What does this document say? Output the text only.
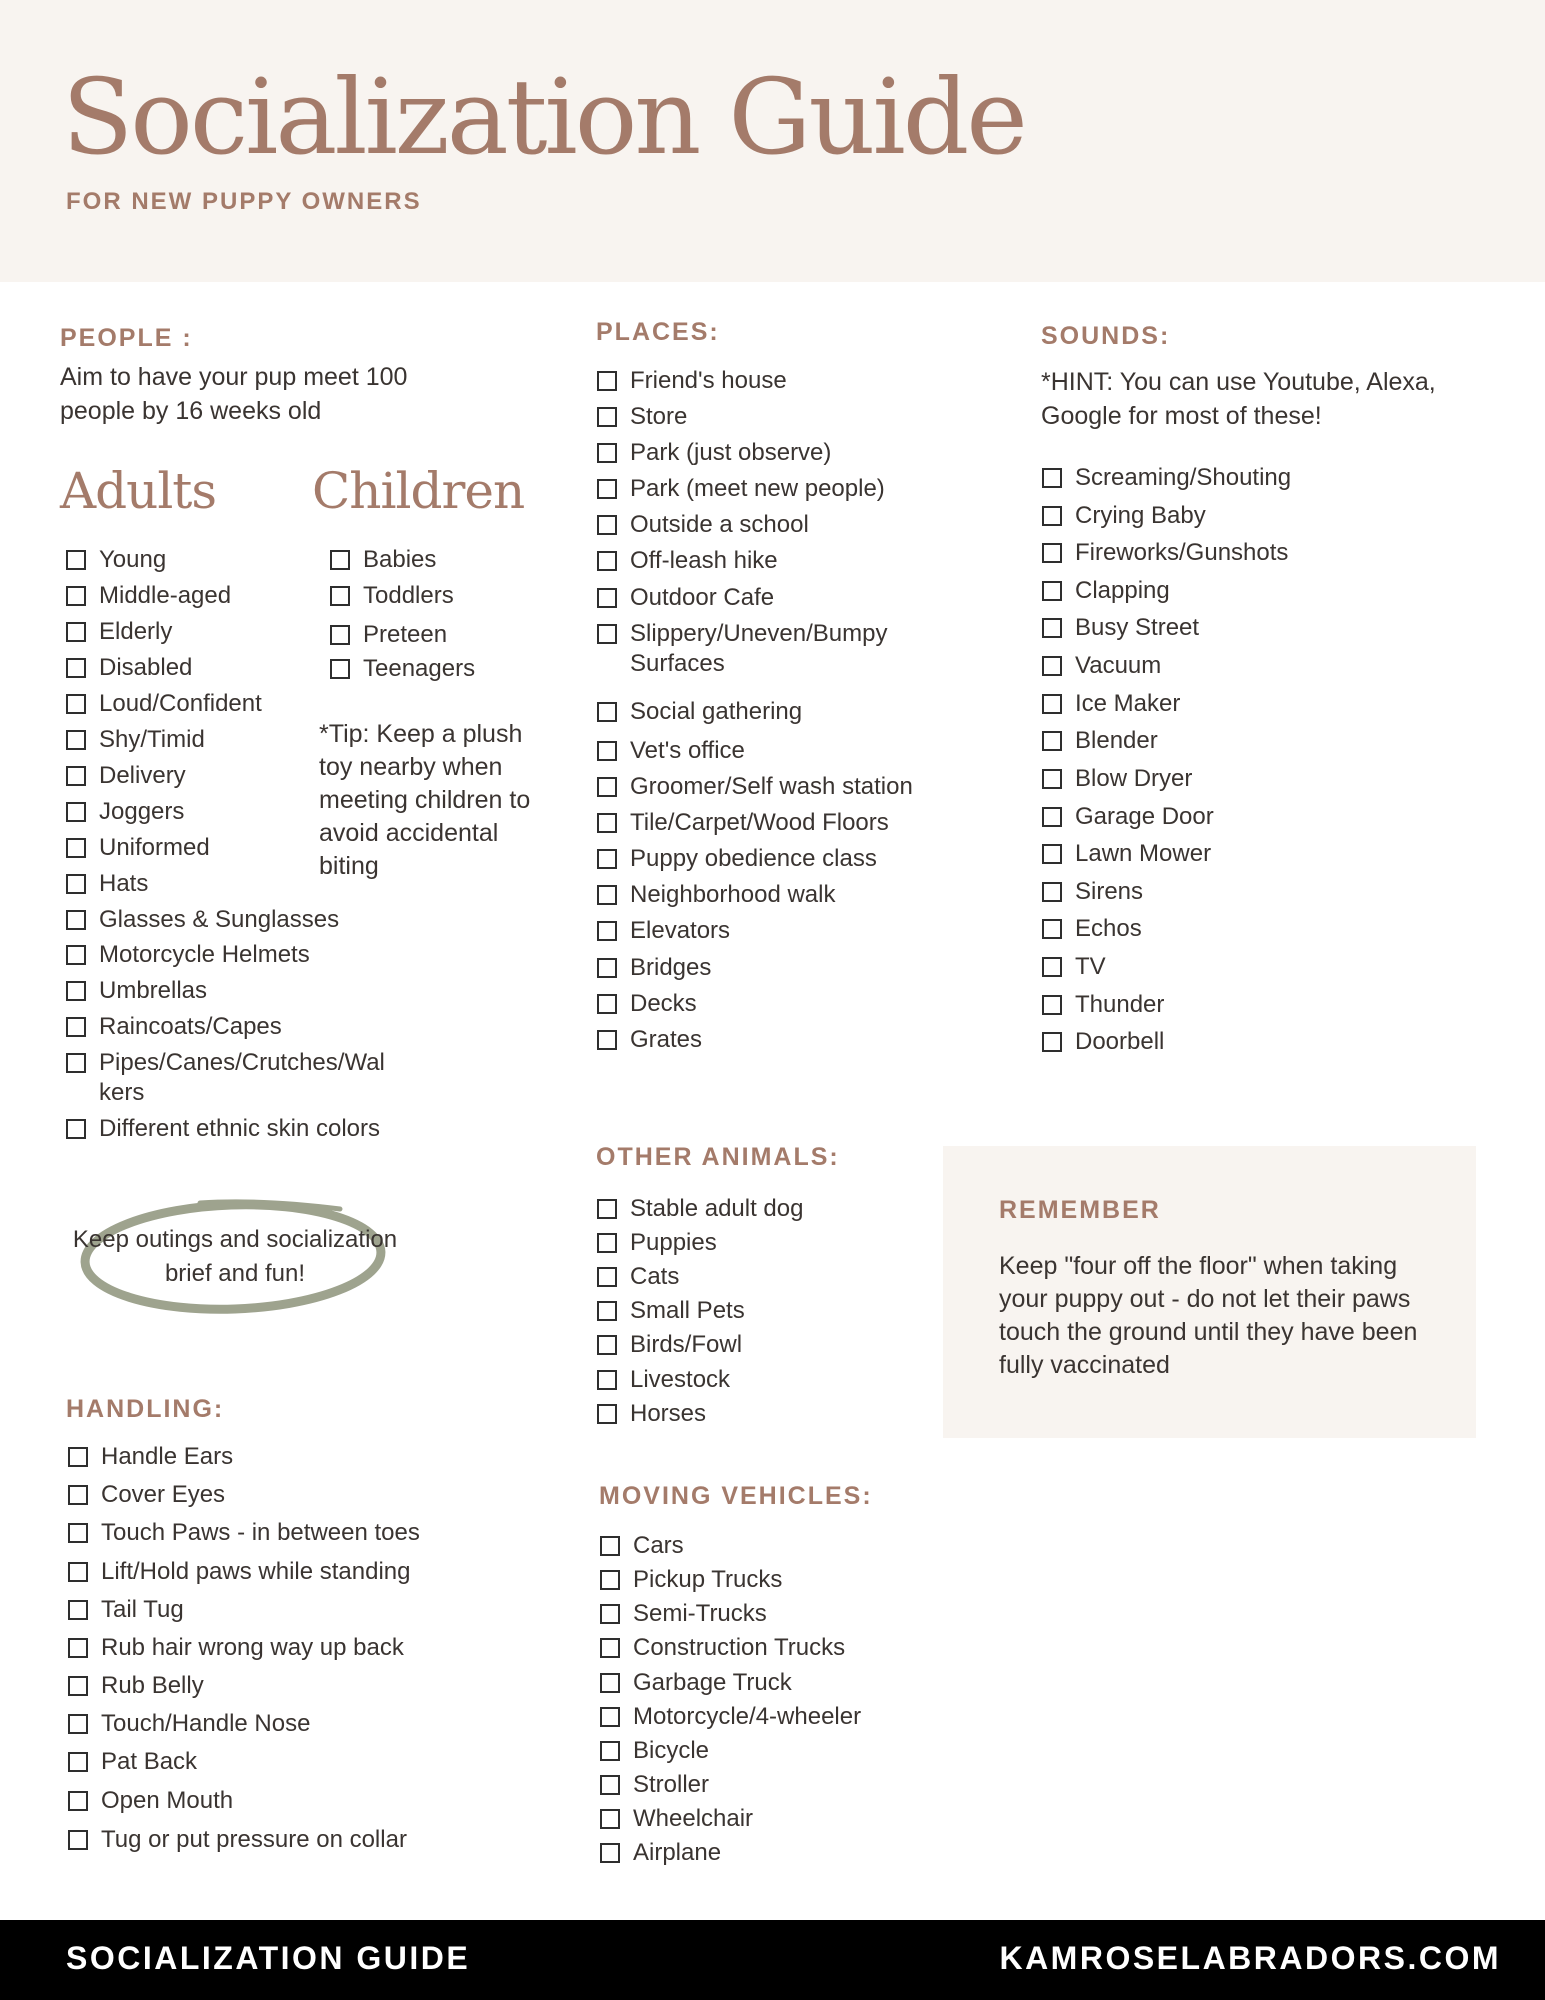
Socialization Guide
FOR NEW PUPPY OWNERS
PEOPLE :
Aim to have your pup meet 100 people by 16 weeks old
Adults Children
Young
Middle-aged
Elderly
Disabled
Loud/Confident
Shy/Timid
Delivery
Joggers
Uniformed
Hats
Glasses & Sunglasses
Motorcycle Helmets
Umbrellas
Raincoats/Capes
Pipes/Canes/Crutches/Walkers
Different ethnic skin colors
Babies
Toddlers
Preteen
Teenagers
*Tip: Keep a plush toy nearby when meeting children to avoid accidental biting
Keep outings and socialization brief and fun!
HANDLING:
Handle Ears
Cover Eyes
Touch Paws - in between toes
Lift/Hold paws while standing
Tail Tug
Rub hair wrong way up back
Rub Belly
Touch/Handle Nose
Pat Back
Open Mouth
Tug or put pressure on collar
PLACES:
Friend's house
Store
Park (just observe)
Park (meet new people)
Outside a school
Off-leash hike
Outdoor Cafe
Slippery/Uneven/Bumpy Surfaces
Social gathering
Vet's office
Groomer/Self wash station
Tile/Carpet/Wood Floors
Puppy obedience class
Neighborhood walk
Elevators
Bridges
Decks
Grates
OTHER ANIMALS:
Stable adult dog
Puppies
Cats
Small Pets
Birds/Fowl
Livestock
Horses
MOVING VEHICLES:
Cars
Pickup Trucks
Semi-Trucks
Construction Trucks
Garbage Truck
Motorcycle/4-wheeler
Bicycle
Stroller
Wheelchair
Airplane
SOUNDS:
*HINT: You can use Youtube, Alexa, Google for most of these!
Screaming/Shouting
Crying Baby
Fireworks/Gunshots
Clapping
Busy Street
Vacuum
Ice Maker
Blender
Blow Dryer
Garage Door
Lawn Mower
Sirens
Echos
TV
Thunder
Doorbell
REMEMBER
Keep "four off the floor" when taking your puppy out - do not let their paws touch the ground until they have been fully vaccinated
SOCIALIZATION GUIDE	KAMROSELABRADORS.COM
